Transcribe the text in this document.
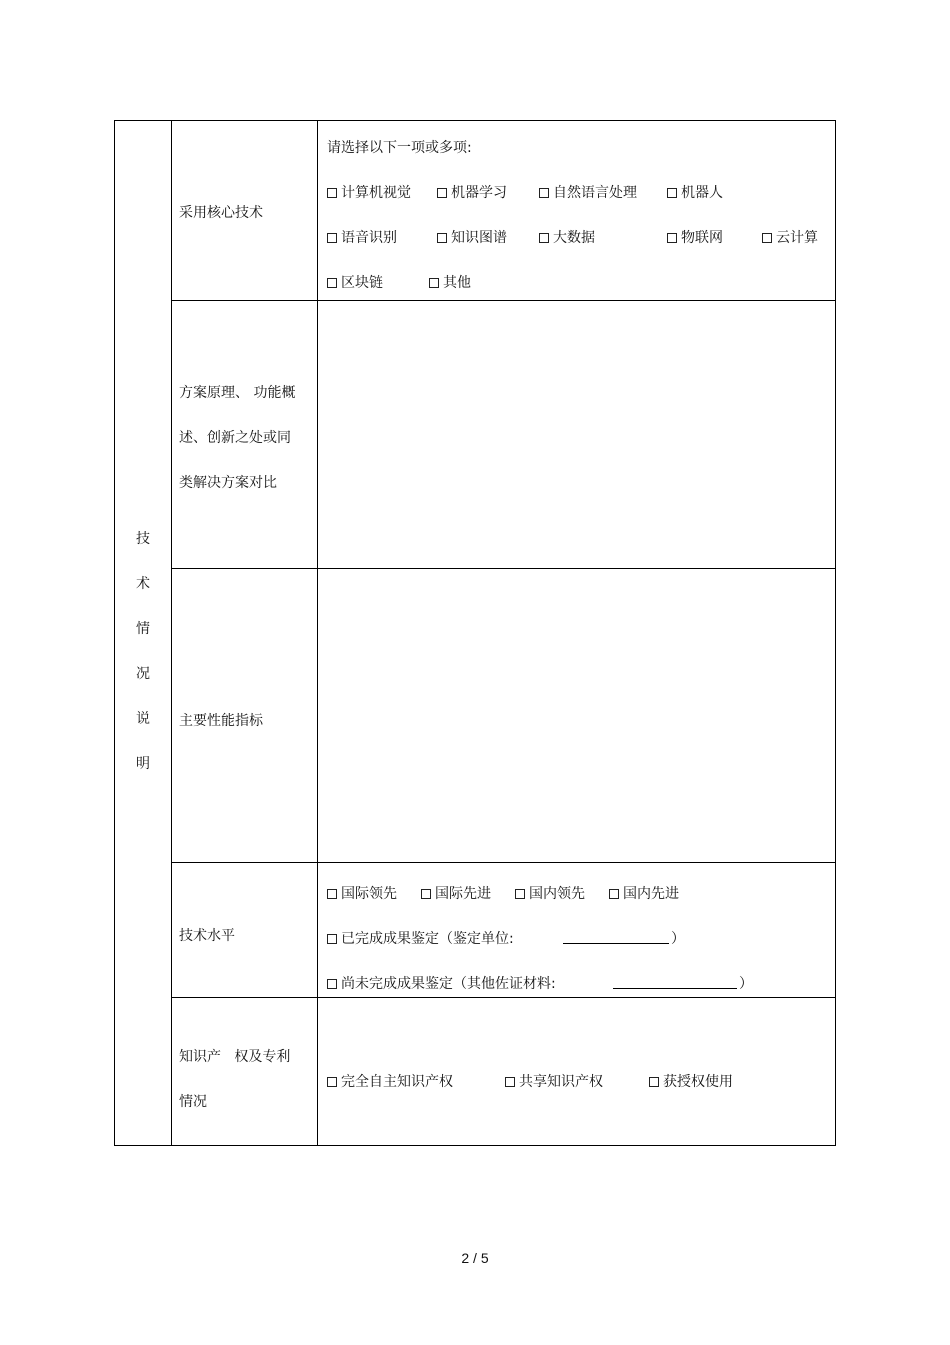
技
术
情
况
说
明
采用核心技术
请选择以下一项或多项:
计算机视觉	机器学习	自然语言处理	机器人
语音识别	知识图谱	大数据	物联网	云计算
区块链	其他
方案原理、 功能概
述、创新之处或同
类解决方案对比
主要性能指标
技术水平
国际领先	国际先进	国内领先	国内先进
已完成成果鉴定（鉴定单位:	）
尚未完成成果鉴定（其他佐证材料:	）
知识产   权及专利
情况
完全自主知识产权	共享知识产权	获授权使用
2 / 5
